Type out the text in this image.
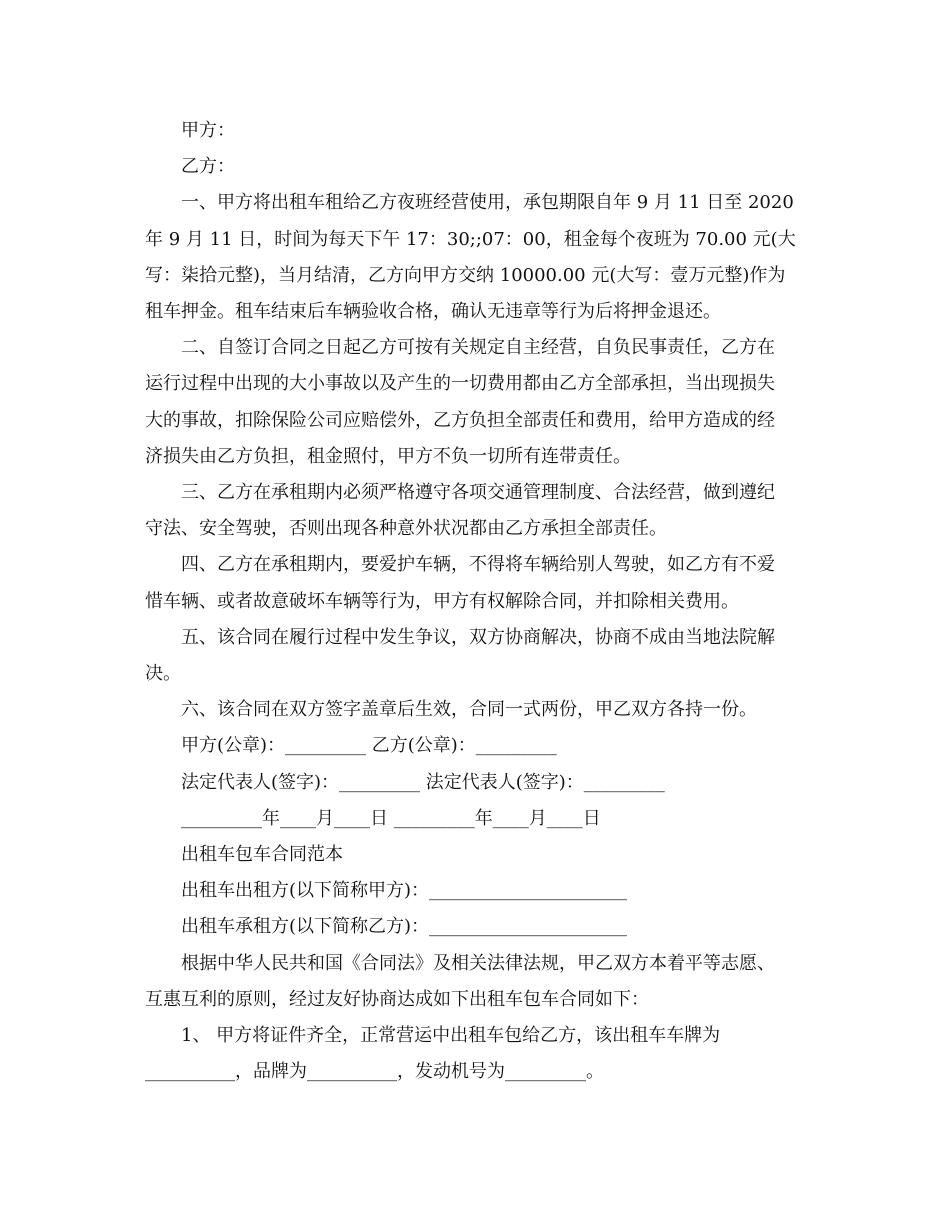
甲方：
乙方：
一、甲方将出租车租给乙方夜班经营使用，承包期限自年 9 月 11 日至 2020
年 9 月 11 日，时间为每天下午 17：30;;07：00，租金每个夜班为 70.00 元(大
写：柒拾元整)，当月结清，乙方向甲方交纳 10000.00 元(大写：壹万元整)作为
租车押金。租车结束后车辆验收合格，确认无违章等行为后将押金退还。
二、自签订合同之日起乙方可按有关规定自主经营，自负民事责任，乙方在
运行过程中出现的大小事故以及产生的一切费用都由乙方全部承担，当出现损失
大的事故，扣除保险公司应赔偿外，乙方负担全部责任和费用，给甲方造成的经
济损失由乙方负担，租金照付，甲方不负一切所有连带责任。
三、乙方在承租期内必须严格遵守各项交通管理制度、合法经营，做到遵纪
守法、安全驾驶，否则出现各种意外状况都由乙方承担全部责任。
四、乙方在承租期内，要爱护车辆，不得将车辆给别人驾驶，如乙方有不爱
惜车辆、或者故意破坏车辆等行为，甲方有权解除合同，并扣除相关费用。
五、该合同在履行过程中发生争议，双方协商解决，协商不成由当地法院解
决。
六、该合同在双方签字盖章后生效，合同一式两份，甲乙双方各持一份。
甲方(公章)：_________ 乙方(公章)：_________
法定代表人(签字)：_________ 法定代表人(签字)：_________
_________年____月____日 _________年____月____日
出租车包车合同范本
出租车出租方(以下简称甲方)：______________________
出租车承租方(以下简称乙方)：______________________
根据中华人民共和国《合同法》及相关法律法规，甲乙双方本着平等志愿、
互惠互利的原则，经过友好协商达成如下出租车包车合同如下：
1、 甲方将证件齐全，正常营运中出租车包给乙方，该出租车车牌为
__________，品牌为__________，发动机号为_________。
